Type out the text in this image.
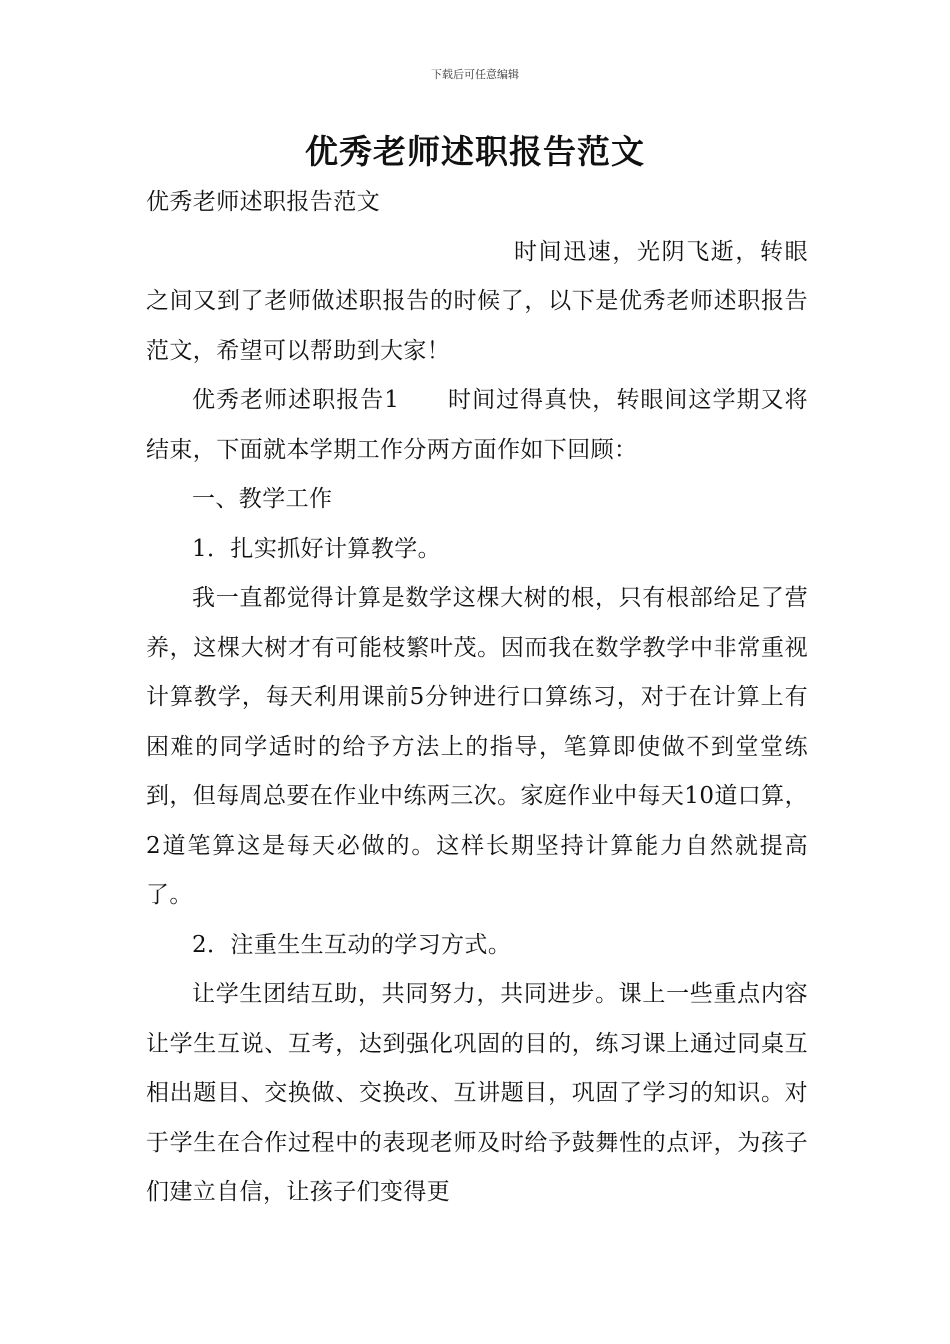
下载后可任意编辑
优秀老师述职报告范文

优秀老师述职报告范文

时间迅速，光阴飞逝，转眼之间又到了老师做述职报告的时候了，以下是优秀老师述职报告范文，希望可以帮助到大家！

优秀老师述职报告1　　时间过得真快，转眼间这学期又将结束，下面就本学期工作分两方面作如下回顾：

一、教学工作

1．扎实抓好计算教学。

我一直都觉得计算是数学这棵大树的根，只有根部给足了营养，这棵大树才有可能枝繁叶茂。因而我在数学教学中非常重视计算教学，每天利用课前5分钟进行口算练习，对于在计算上有困难的同学适时的给予方法上的指导，笔算即使做不到堂堂练到，但每周总要在作业中练两三次。家庭作业中每天10道口算，2道笔算这是每天必做的。这样长期坚持计算能力自然就提高了。

2．注重生生互动的学习方式。

让学生团结互助，共同努力，共同进步。课上一些重点内容让学生互说、互考，达到强化巩固的目的，练习课上通过同桌互相出题目、交换做、交换改、互讲题目，巩固了学习的知识。对于学生在合作过程中的表现老师及时给予鼓舞性的点评，为孩子们建立自信，让孩子们变得更
